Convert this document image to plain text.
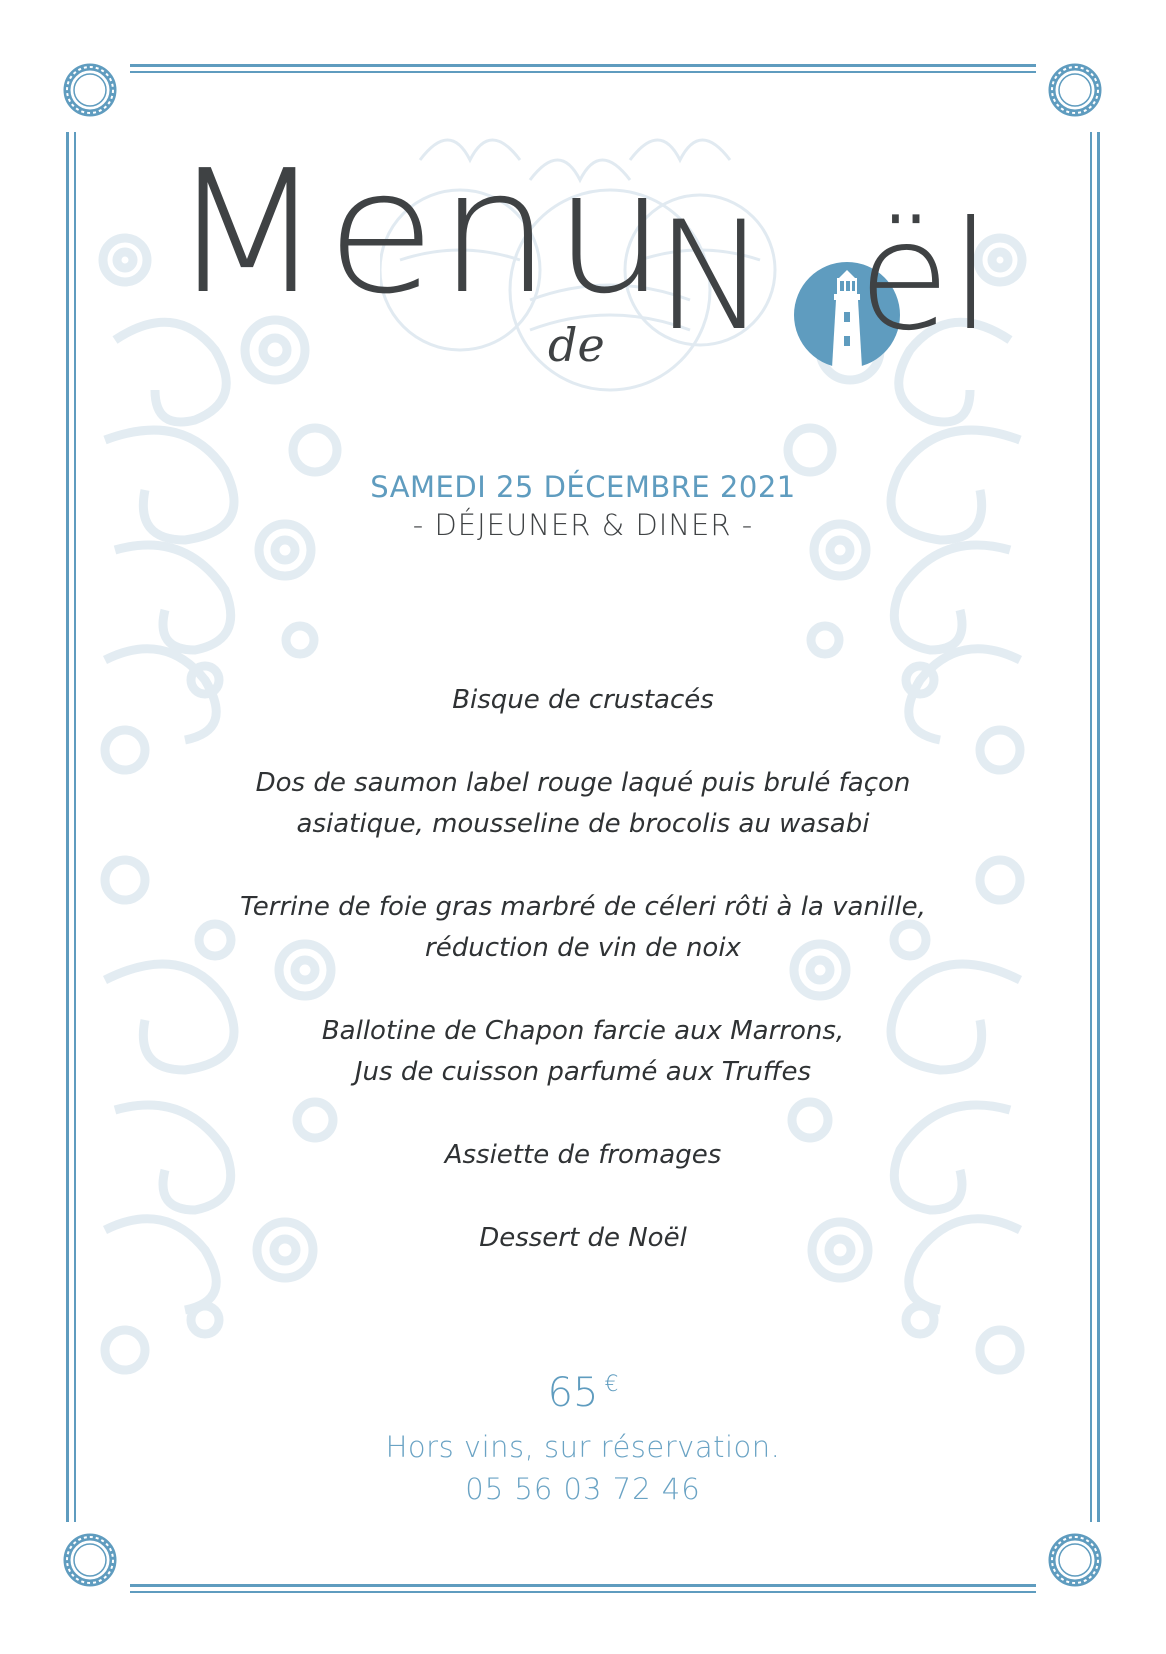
Menu
de N ël
SAMEDI 25 DÉCEMBRE 2021
- DÉJEUNER & DINER -
Bisque de crustacés
Dos de saumon label rouge laqué puis brulé façon
asiatique, mousseline de brocolis au wasabi
Terrine de foie gras marbré de céleri rôti à la vanille,
réduction de vin de noix
Ballotine de Chapon farcie aux Marrons,
Jus de cuisson parfumé aux Truffes
Assiette de fromages
Dessert de Noël
65 €
Hors vins, sur réservation.
05 56 03 72 46
